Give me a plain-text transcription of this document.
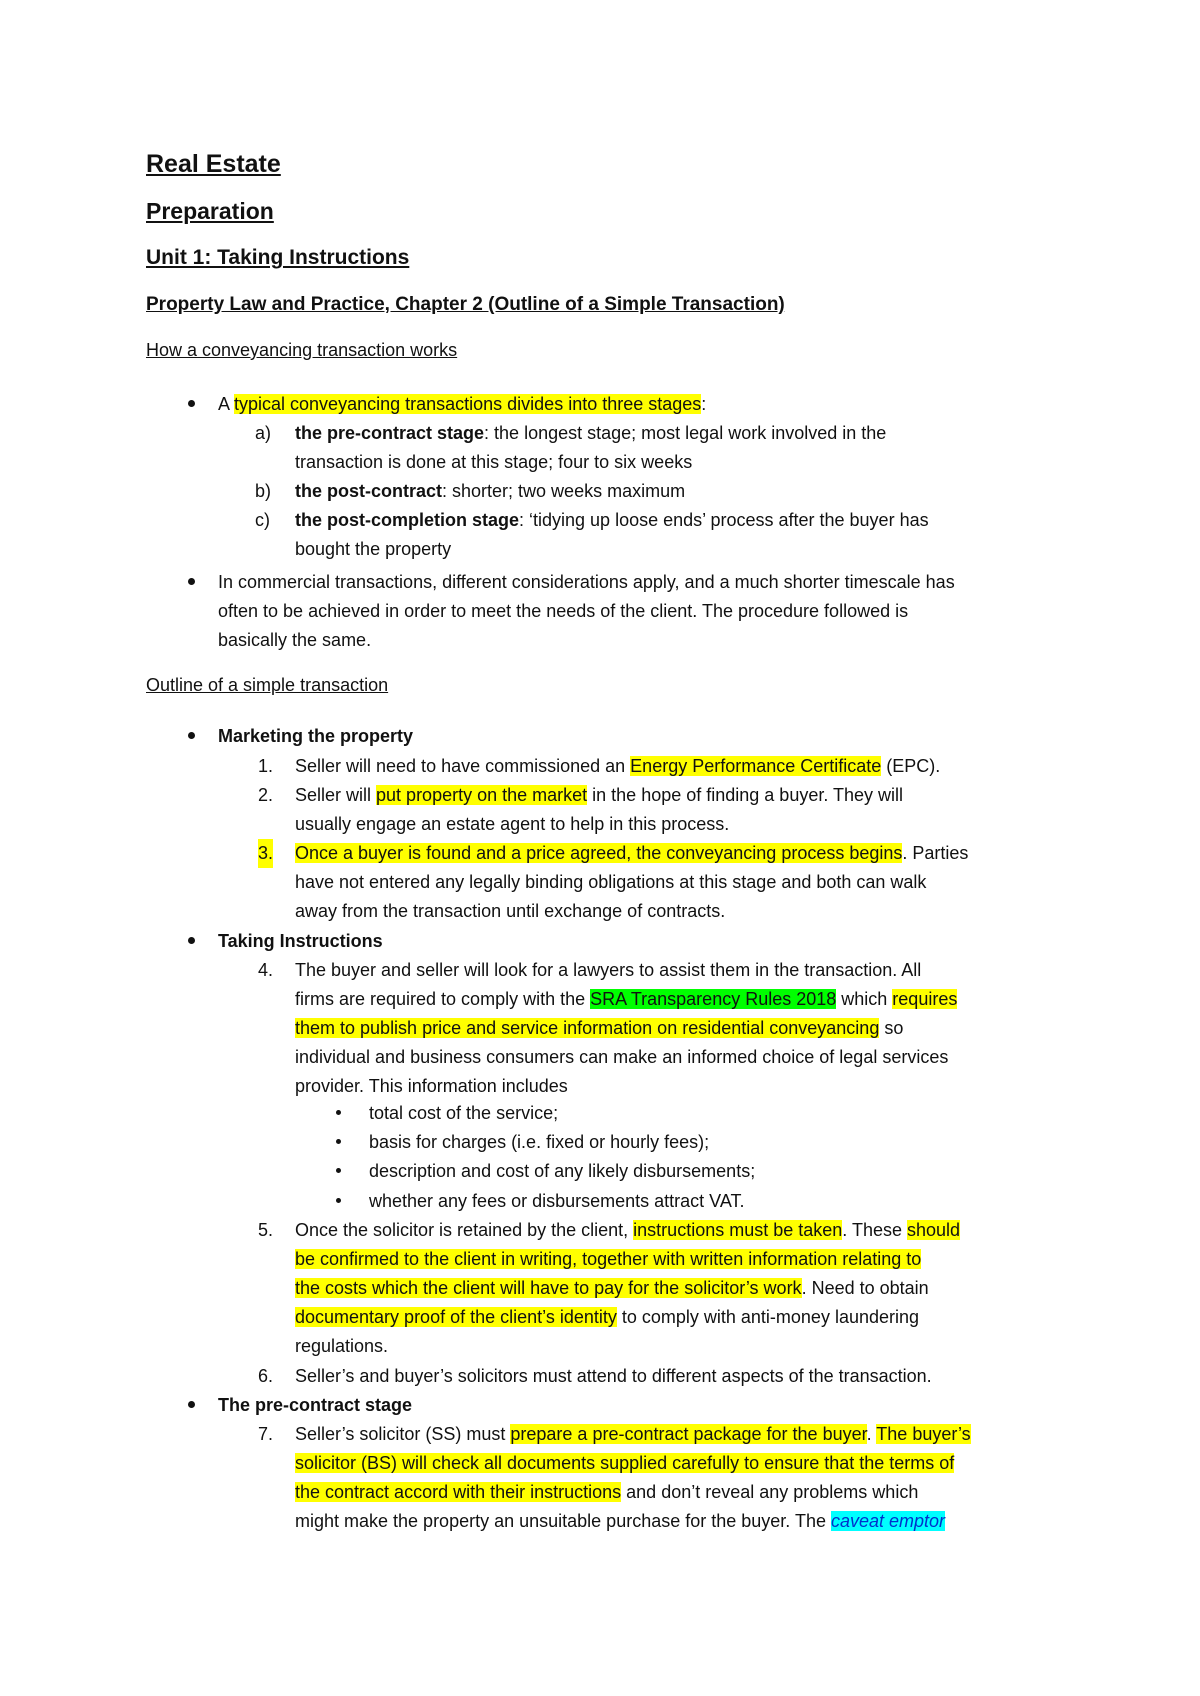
Real Estate
Preparation
Unit 1: Taking Instructions
Property Law and Practice, Chapter 2 (Outline of a Simple Transaction)
How a conveyancing transaction works
A typical conveyancing transactions divides into three stages:
a) the pre-contract stage: the longest stage; most legal work involved in the
transaction is done at this stage; four to six weeks
b) the post-contract: shorter; two weeks maximum
c) the post-completion stage: ‘tidying up loose ends’ process after the buyer has
bought the property
In commercial transactions, different considerations apply, and a much shorter timescale has
often to be achieved in order to meet the needs of the client. The procedure followed is
basically the same.
Outline of a simple transaction
Marketing the property
1. Seller will need to have commissioned an Energy Performance Certificate (EPC).
2. Seller will put property on the market in the hope of finding a buyer. They will
usually engage an estate agent to help in this process.
3. Once a buyer is found and a price agreed, the conveyancing process begins. Parties
have not entered any legally binding obligations at this stage and both can walk
away from the transaction until exchange of contracts.
Taking Instructions
4. The buyer and seller will look for a lawyers to assist them in the transaction. All
firms are required to comply with the SRA Transparency Rules 2018 which requires
them to publish price and service information on residential conveyancing so
individual and business consumers can make an informed choice of legal services
provider. This information includes
total cost of the service;
basis for charges (i.e. fixed or hourly fees);
description and cost of any likely disbursements;
whether any fees or disbursements attract VAT.
5. Once the solicitor is retained by the client, instructions must be taken. These should
be confirmed to the client in writing, together with written information relating to
the costs which the client will have to pay for the solicitor’s work. Need to obtain
documentary proof of the client’s identity to comply with anti-money laundering
regulations.
6. Seller’s and buyer’s solicitors must attend to different aspects of the transaction.
The pre-contract stage
7. Seller’s solicitor (SS) must prepare a pre-contract package for the buyer. The buyer’s
solicitor (BS) will check all documents supplied carefully to ensure that the terms of
the contract accord with their instructions and don’t reveal any problems which
might make the property an unsuitable purchase for the buyer. The caveat emptor
